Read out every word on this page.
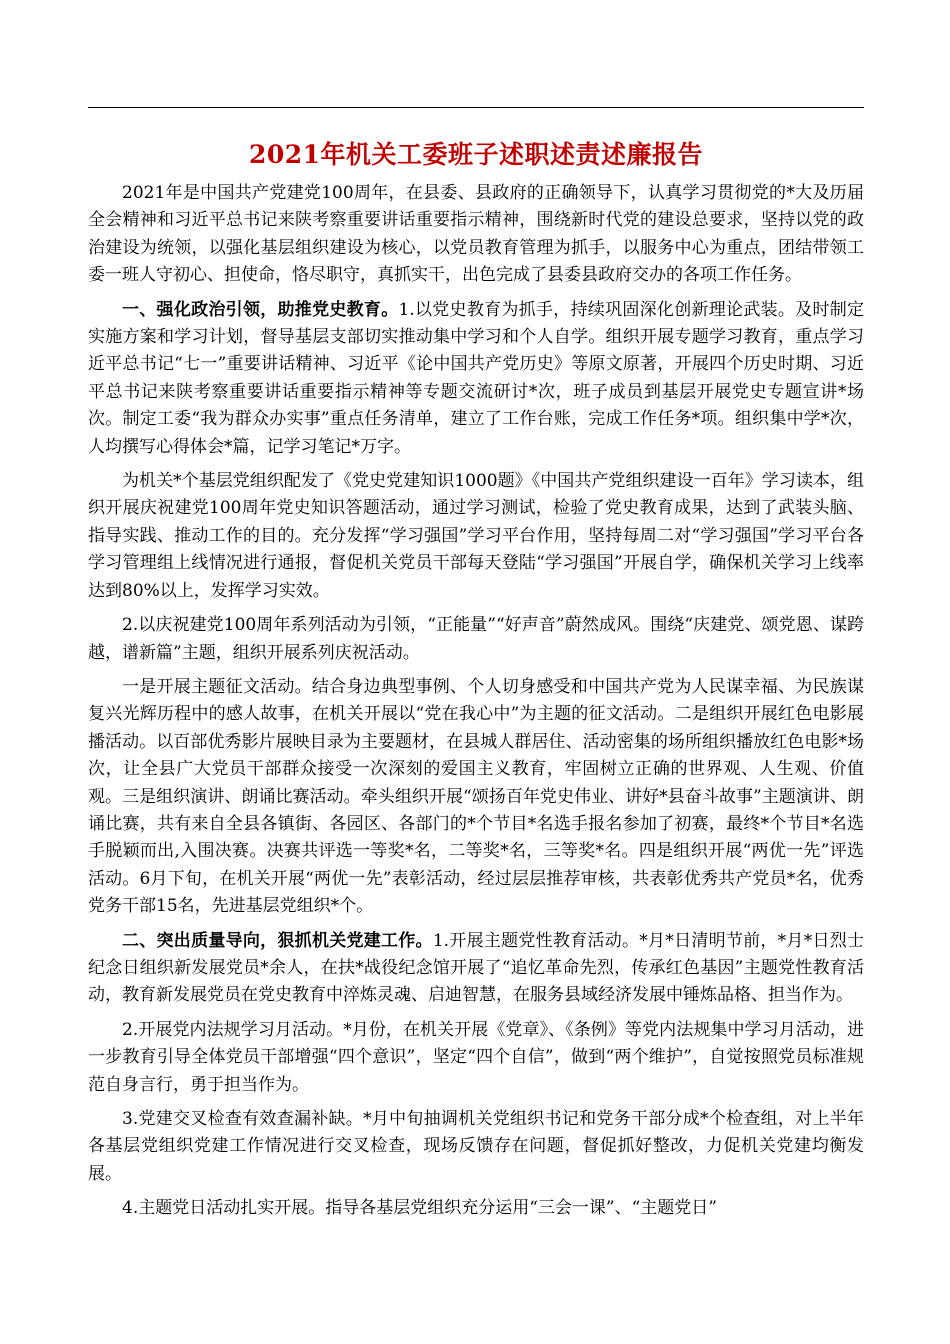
2021年机关工委班子述职述责述廉报告

2021年是中国共产党建党100周年，在县委、县政府的正确领导下，认真学习贯彻党的*大及历届全会精神和习近平总书记来陕考察重要讲话重要指示精神，围绕新时代党的建设总要求，坚持以党的政治建设为统领，以强化基层组织建设为核心，以党员教育管理为抓手，以服务中心为重点，团结带领工委一班人守初心、担使命，恪尽职守，真抓实干，出色完成了县委县政府交办的各项工作任务。

一、强化政治引领，助推党史教育。1.以党史教育为抓手，持续巩固深化创新理论武装。及时制定实施方案和学习计划，督导基层支部切实推动集中学习和个人自学。组织开展专题学习教育，重点学习近平总书记“七一”重要讲话精神、习近平《论中国共产党历史》等原文原著，开展四个历史时期、习近平总书记来陕考察重要讲话重要指示精神等专题交流研讨*次，班子成员到基层开展党史专题宣讲*场次。制定工委“我为群众办实事”重点任务清单，建立了工作台账，完成工作任务*项。组织集中学*次，人均撰写心得体会*篇，记学习笔记*万字。

为机关*个基层党组织配发了《党史党建知识1000题》《中国共产党组织建设一百年》学习读本，组织开展庆祝建党100周年党史知识答题活动，通过学习测试，检验了党史教育成果，达到了武装头脑、指导实践、推动工作的目的。充分发挥“学习强国”学习平台作用，坚持每周二对“学习强国”学习平台各学习管理组上线情况进行通报，督促机关党员干部每天登陆“学习强国”开展自学，确保机关学习上线率达到80%以上，发挥学习实效。

2.以庆祝建党100周年系列活动为引领，“正能量”“好声音”蔚然成风。围绕“庆建党、颂党恩、谋跨越，谱新篇”主题，组织开展系列庆祝活动。

一是开展主题征文活动。结合身边典型事例、个人切身感受和中国共产党为人民谋幸福、为民族谋复兴光辉历程中的感人故事，在机关开展以“党在我心中”为主题的征文活动。二是组织开展红色电影展播活动。以百部优秀影片展映目录为主要题材，在县城人群居住、活动密集的场所组织播放红色电影*场次，让全县广大党员干部群众接受一次深刻的爱国主义教育，牢固树立正确的世界观、人生观、价值观。三是组织演讲、朗诵比赛活动。牵头组织开展“颂扬百年党史伟业、讲好*县奋斗故事”主题演讲、朗诵比赛，共有来自全县各镇街、各园区、各部门的*个节目*名选手报名参加了初赛，最终*个节目*名选手脱颖而出,入围决赛。决赛共评选一等奖*名，二等奖*名，三等奖*名。四是组织开展“两优一先”评选活动。6月下旬，在机关开展“两优一先”表彰活动，经过层层推荐审核，共表彰优秀共产党员*名，优秀党务干部15名，先进基层党组织*个。

二、突出质量导向，狠抓机关党建工作。1.开展主题党性教育活动。*月*日清明节前，*月*日烈士纪念日组织新发展党员*余人，在扶*战役纪念馆开展了“追忆革命先烈，传承红色基因”主题党性教育活动，教育新发展党员在党史教育中淬炼灵魂、启迪智慧，在服务县域经济发展中锤炼品格、担当作为。

2.开展党内法规学习月活动。*月份，在机关开展《党章》、《条例》等党内法规集中学习月活动，进一步教育引导全体党员干部增强“四个意识”，坚定“四个自信”，做到“两个维护”，自觉按照党员标准规范自身言行，勇于担当作为。

3.党建交叉检查有效查漏补缺。*月中旬抽调机关党组织书记和党务干部分成*个检查组，对上半年各基层党组织党建工作情况进行交叉检查，现场反馈存在问题，督促抓好整改，力促机关党建均衡发展。

4.主题党日活动扎实开展。指导各基层党组织充分运用“三会一课”、“主题党日”
